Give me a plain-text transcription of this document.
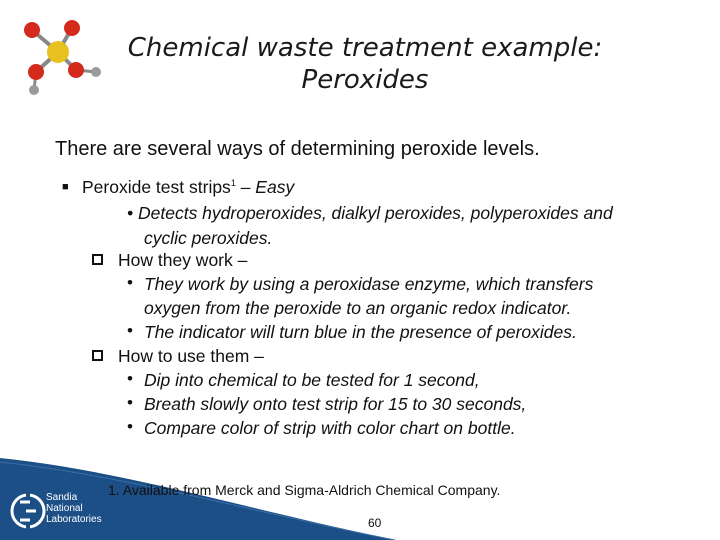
Chemical waste treatment example:
Peroxides
There are several ways of determining peroxide levels.
■ Peroxide test strips$^1$ – Easy
• Detects hydroperoxides, dialkyl peroxides, polyperoxides and
cyclic peroxides.
How they work –
• They work by using a peroxidase enzyme, which transfers
oxygen from the peroxide to an organic redox indicator.
• The indicator will turn blue in the presence of peroxides.
How to use them –
• Dip into chemical to be tested for 1 second,
• Breath slowly onto test strip for 15 to 30 seconds,
• Compare color of strip with color chart on bottle.
Sandia
National
Laboratories
1. Available from Merck and Sigma-Aldrich Chemical Company.
60
